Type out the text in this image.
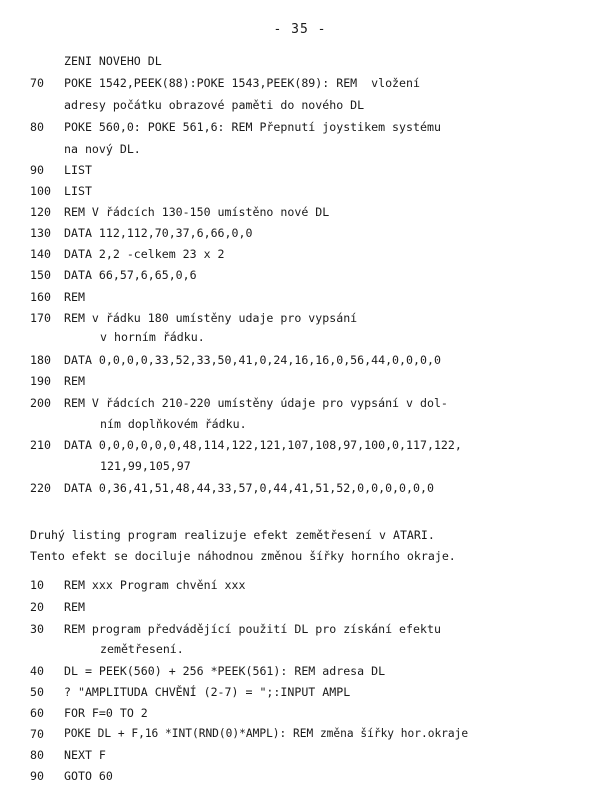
- 35 -
ZENI NOVEHO DL
70 POKE 1542,PEEK(88):POKE 1543,PEEK(89): REM  vložení
adresy počátku obrazové paměti do nového DL
80 POKE 560,0: POKE 561,6: REM Přepnutí joystikem systému
na nový DL.
90 LIST
100 LIST
120 REM V řádcích 130-150 umístěno nové DL
130 DATA 112,112,70,37,6,66,0,0
140 DATA 2,2 -celkem 23 x 2
150 DATA 66,57,6,65,0,6
160 REM
170 REM v řádku 180 umístěny udaje pro vypsání
v horním řádku.
180 DATA 0,0,0,0,33,52,33,50,41,0,24,16,16,0,56,44,0,0,0,0
190 REM
200 REM V řádcích 210-220 umístěny údaje pro vypsání v dol-
ním doplňkovém řádku.
210 DATA 0,0,0,0,0,0,48,114,122,121,107,108,97,100,0,117,122,
121,99,105,97
220 DATA 0,36,41,51,48,44,33,57,0,44,41,51,52,0,0,0,0,0,0
Druhý listing program realizuje efekt zemětřesení v ATARI.
Tento efekt se dociluje náhodnou změnou šířky horního okraje.
10 REM xxx Program chvění xxx
20 REM
30 REM program předvádějící použití DL pro získání efektu
zemětřesení.
40 DL = PEEK(560) + 256 *PEEK(561): REM adresa DL
50 ? "AMPLITUDA CHVĚNÍ (2-7) = ";:INPUT AMPL
60 FOR F=0 TO 2
70 POKE DL + F,16 *INT(RND(0)*AMPL): REM změna šířky hor.okraje
80 NEXT F
90 GOTO 60
